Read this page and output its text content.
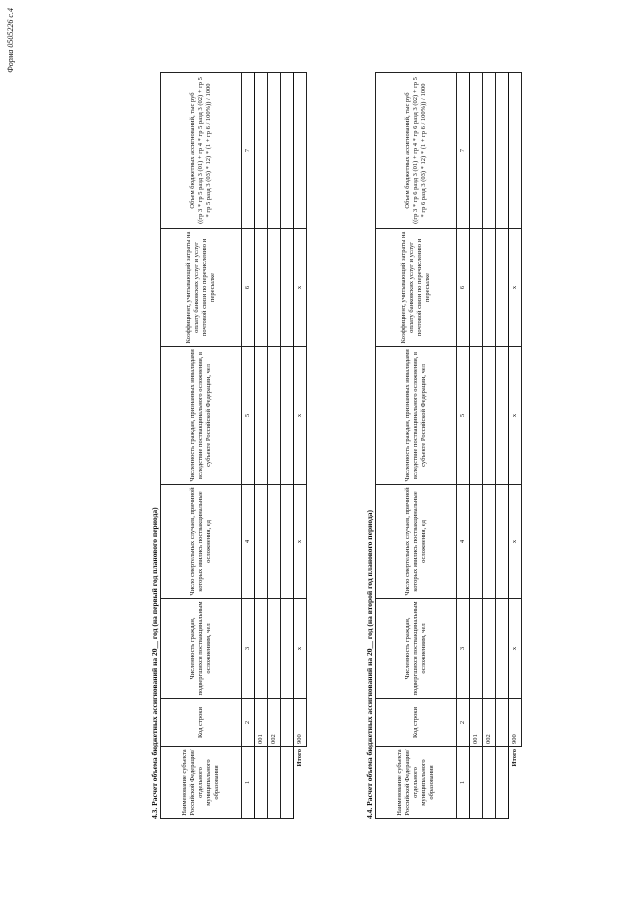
Форма 0505226 с.4
4.3. Расчет объема бюджетных ассигнований на 20__ год (на первый год планового периода)	Наименование субъекта Российской Федерации/ отдельного муниципального образования	Код строки	Численность граждан, подвергшихся поствакцинальным осложнениям, чел	Число смертельных случаев, причиной которых явились поствакцинальные осложнения, ед	Численность граждан, признанных инвалидами вследствие поствакцинального осложнения, в субъекте Российской Федерации, чел	Коэффициент, учитывающий затраты на оплату банковских услуг и услуг почтовой связи по перечислению и пересылке	Объем бюджетных ассигнований, тыс руб
((гр 3 * гр 5 разд 3 (01) + гр 4 * гр 5 разд 3 (02) + гр 5 * гр 5 разд 3 (03) * 12) * (1 + гр 6 / 100%)) / 1000
1	2	3	4	5	6	7
	001					
	002					

Итого	900	x	x	x	x	
4.4. Расчет объема бюджетных ассигнований на 20__ год (на второй год планового периода)	Наименование субъекта Российской Федерации/ отдельного муниципального образования	Код строки	Численность граждан, подвергшихся поствакцинальным осложнениям, чел	Число смертельных случаев, причиной которых явились поствакцинальные осложнения, ед	Численность граждан, признанных инвалидами вследствие поствакцинального осложнения, в субъекте Российской Федерации, чел	Коэффициент, учитывающий затраты на оплату банковских услуг и услуг почтовой связи по перечислению и пересылке	Объем бюджетных ассигнований, тыс руб
((гр 3 * гр 6 разд 3 (01) + гр 4 * гр 6 разд 3 (02) + гр 5 * гр 6 разд 3 (03) * 12) * (1 + гр 6 / 100%)) / 1000
1	2	3	4	5	6	7
	001					
	002					

Итого	900	x	x	x	x	
